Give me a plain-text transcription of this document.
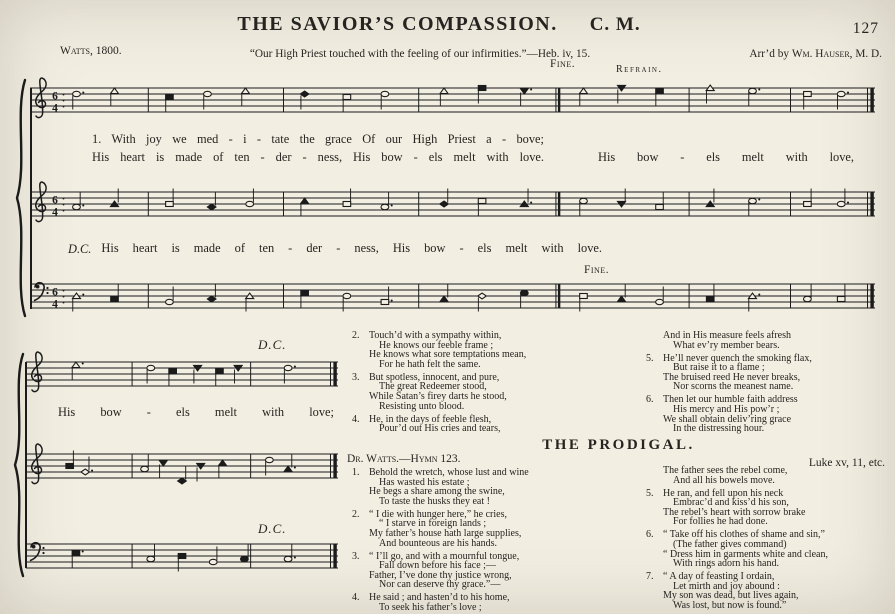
THE SAVIOR’S COMPASSION. C. M.	127
Watts, 1800.	“Our High Priest touched with the feeling of our infirmities.”—Heb. iv, 15.	Arr’d by Wm. Hauser, M. D.
Fine.	Refrain.
Fine.
D.C.
D.C.
1. With joy we med - i - tate the grace Of our High Priest a - bove;
His heart is made of ten - der - ness, His bow - els melt with love.	His bow - els melt with love,
D.C. His heart is made of ten - der - ness, His bow - els melt with love.
His bow - els melt with love;
6
4
6
4
6
4
2. Touch’d with a sympathy within,
He knows our feeble frame ;
He knows what sore temptations mean,
For he hath felt the same.
3. But spotless, innocent, and pure,
The great Redeemer stood,
While Satan’s firey darts he stood,
Resisting unto blood.
4. He, in the days of feeble flesh,
Pour’d out His cries and tears,
And in His measure feels afresh
What ev’ry member bears.
5. He’ll never quench the smoking flax,
But raise it to a flame ;
The bruised reed He never breaks,
Nor scorns the meanest name.
6. Then let our humble faith address
His mercy and His pow’r ;
We shall obtain deliv’ring grace
In the distressing hour.
THE PRODIGAL.
Dr. Watts.—Hymn 123.	Luke xv, 11, etc.
1. Behold the wretch, whose lust and wine
Has wasted his estate ;
He begs a share among the swine,
To taste the husks they eat !
2. “ I die with hunger here,” he cries,
“ I starve in foreign lands ;
My father’s house hath large supplies,
And bounteous are his hands.
3. “ I’ll go, and with a mournful tongue,
Fall down before his face ;—
Father, I’ve done thy justice wrong,
Nor can deserve thy grace.”—
4. He said ; and hasten’d to his home,
To seek his father’s love ;
The father sees the rebel come,
And all his bowels move.
5. He ran, and fell upon his neck
Embrac’d and kiss’d his son,
The rebel’s heart with sorrow brake
For follies he had done.
6. “ Take off his clothes of shame and sin,”
(The father gives command)
“ Dress him in garments white and clean,
With rings adorn his hand.
7. “ A day of feasting I ordain,
Let mirth and joy abound :
My son was dead, but lives again,
Was lost, but now is found.”
